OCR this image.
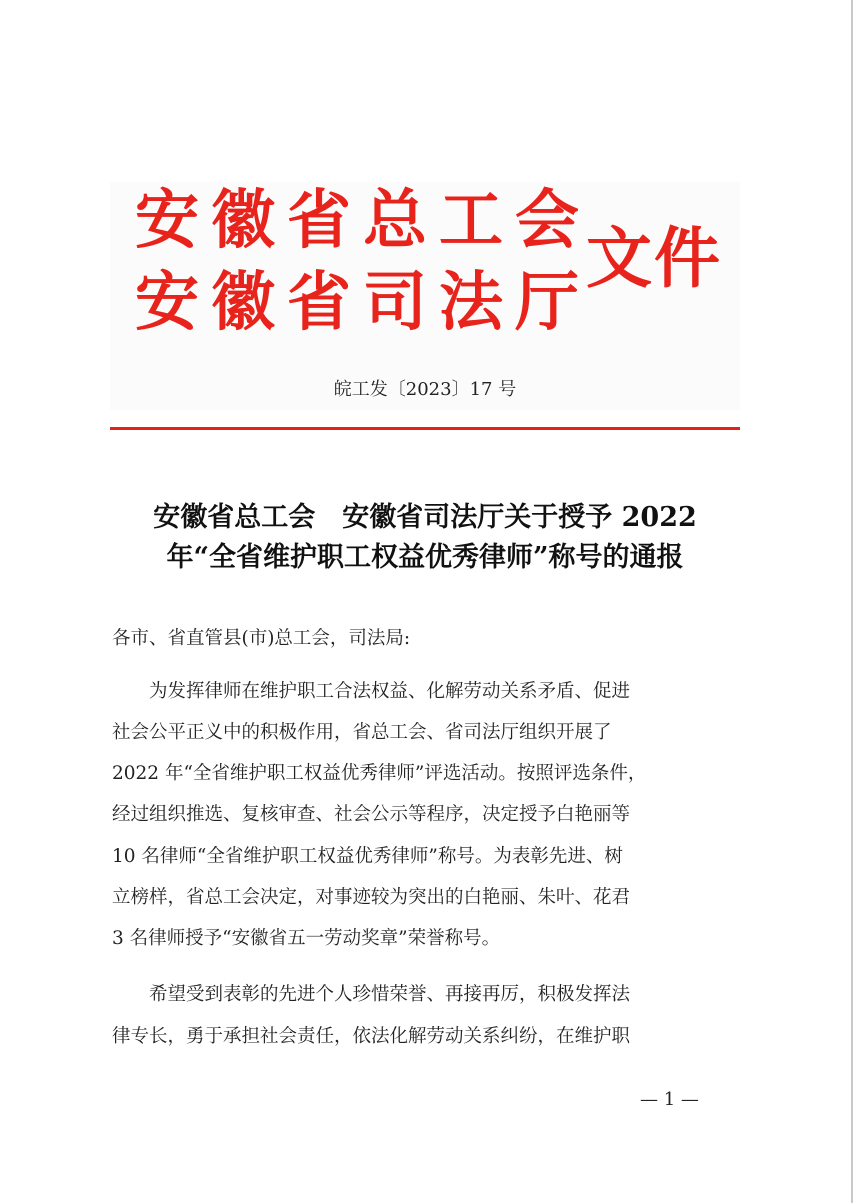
安徽省总工会
安徽省司法厅
文件
皖工发〔2023〕17 号
安徽省总工会　安徽省司法厅关于授予 2022
年“全省维护职工权益优秀律师”称号的通报
各市、省直管县(市)总工会，司法局:
　　为发挥律师在维护职工合法权益、化解劳动关系矛盾、促进
社会公平正义中的积极作用，省总工会、省司法厅组织开展了
2022 年“全省维护职工权益优秀律师”评选活动。按照评选条件，
经过组织推选、复核审查、社会公示等程序，决定授予白艳丽等
10 名律师“全省维护职工权益优秀律师”称号。为表彰先进、树
立榜样，省总工会决定，对事迹较为突出的白艳丽、朱叶、花君
3 名律师授予“安徽省五一劳动奖章”荣誉称号。
　　希望受到表彰的先进个人珍惜荣誉、再接再厉，积极发挥法
律专长，勇于承担社会责任，依法化解劳动关系纠纷，在维护职
— 1 —
